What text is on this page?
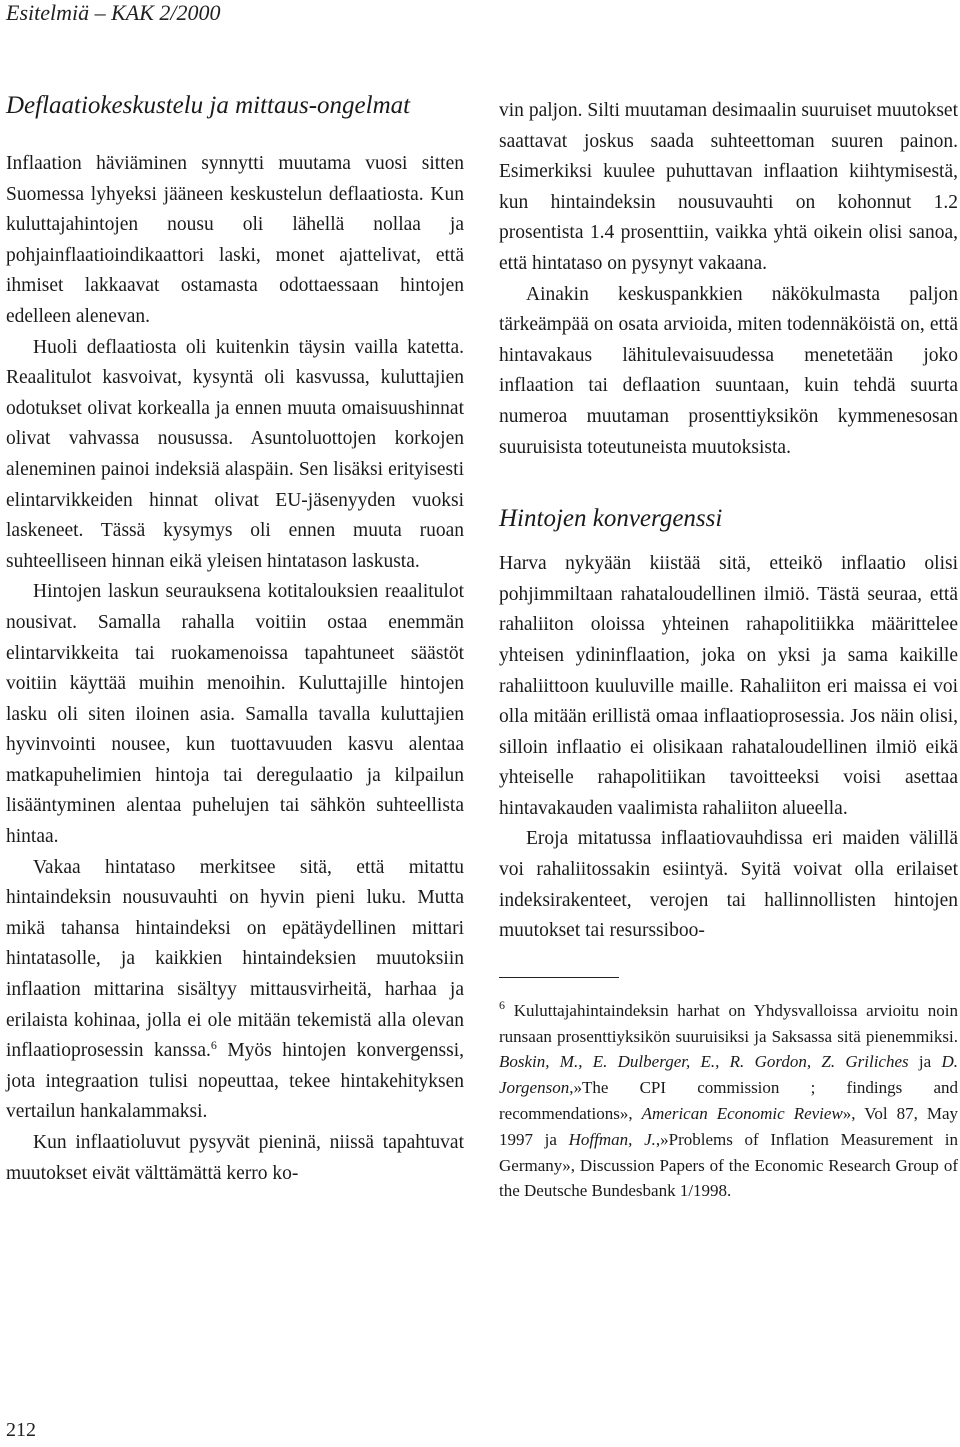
Esitelmiä – KAK 2/2000
Deflaatiokeskustelu ja mittaus-ongelmat

Inflaation häviäminen synnytti muutama vuosi sitten Suomessa lyhyeksi jääneen keskustelun deflaatiosta. Kun kuluttajahintojen nousu oli lähellä nollaa ja pohjainflaatioindikaattori laski, monet ajattelivat, että ihmiset lakkaavat ostamasta odottaessaan hintojen edelleen alenevan.

Huoli deflaatiosta oli kuitenkin täysin vailla katetta. Reaalitulot kasvoivat, kysyntä oli kasvussa, kuluttajien odotukset olivat korkealla ja ennen muuta omaisuushinnat olivat vahvassa nousussa. Asuntoluottojen korkojen aleneminen painoi indeksiä alaspäin. Sen lisäksi erityisesti elintarvikkeiden hinnat olivat EU-jäsenyyden vuoksi laskeneet. Tässä kysymys oli ennen muuta ruoan suhteelliseen hinnan eikä yleisen hintatason laskusta.

Hintojen laskun seurauksena kotitalouksien reaalitulot nousivat. Samalla rahalla voitiin ostaa enemmän elintarvikkeita tai ruokamenoissa tapahtuneet säästöt voitiin käyttää muihin menoihin. Kuluttajille hintojen lasku oli siten iloinen asia. Samalla tavalla kuluttajien hyvinvointi nousee, kun tuottavuuden kasvu alentaa matkapuhelimien hintoja tai deregulaatio ja kilpailun lisääntyminen alentaa puhelujen tai sähkön suhteellista hintaa.

Vakaa hintataso merkitsee sitä, että mitattu hintaindeksin nousuvauhti on hyvin pieni luku. Mutta mikä tahansa hintaindeksi on epätäydellinen mittari hintatasolle, ja kaikkien hintaindeksien muutoksiin inflaation mittarina sisältyy mittausvirheitä, harhaa ja erilaista kohinaa, jolla ei ole mitään tekemistä alla olevan inflaatioprosessin kanssa.$^6$ Myös hintojen konvergenssi, jota integraation tulisi nopeuttaa, tekee hintakehityksen vertailun hankalammaksi.

Kun inflaatioluvut pysyvät pieninä, niissä tapahtuvat muutokset eivät välttämättä kerro ko-

vin paljon. Silti muutaman desimaalin suuruiset muutokset saattavat joskus saada suhteettoman suuren painon. Esimerkiksi kuulee puhuttavan inflaation kiihtymisestä, kun hintaindeksin nousuvauhti on kohonnut 1.2 prosentista 1.4 prosenttiin, vaikka yhtä oikein olisi sanoa, että hintataso on pysynyt vakaana.

Ainakin keskuspankkien näkökulmasta paljon tärkeämpää on osata arvioida, miten todennäköistä on, että hintavakaus lähitulevaisuudessa menetetään joko inflaation tai deflaation suuntaan, kuin tehdä suurta numeroa muutaman prosenttiyksikön kymmenesosan suuruisista toteutuneista muutoksista.

Hintojen konvergenssi

Harva nykyään kiistää sitä, etteikö inflaatio olisi pohjimmiltaan rahataloudellinen ilmiö. Tästä seuraa, että rahaliiton oloissa yhteinen rahapolitiikka määrittelee yhteisen ydininflaation, joka on yksi ja sama kaikille rahaliittoon kuuluville maille. Rahaliiton eri maissa ei voi olla mitään erillistä omaa inflaatioprosessia. Jos näin olisi, silloin inflaatio ei olisikaan rahataloudellinen ilmiö eikä yhteiselle rahapolitiikan tavoitteeksi voisi asettaa hintavakauden vaalimista rahaliiton alueella.

Eroja mitatussa inflaatiovauhdissa eri maiden välillä voi rahaliitossakin esiintyä. Syitä voivat olla erilaiset indeksirakenteet, verojen tai hallinnollisten hintojen muutokset tai resurssiboo-

$^6$ Kuluttajahintaindeksin harhat on Yhdysvalloissa arvioitu noin runsaan prosenttiyksikön suuruisiksi ja Saksassa sitä pienemmiksi. Boskin, M., E. Dulberger, E., R. Gordon, Z. Griliches ja D. Jorgenson,»The CPI commission ; findings and recommendations», American Economic Review», Vol 87, May 1997 ja Hoffman, J.,»Problems of Inflation Measurement in Germany», Discussion Papers of the Economic Research Group of the Deutsche Bundesbank 1/1998.
212
